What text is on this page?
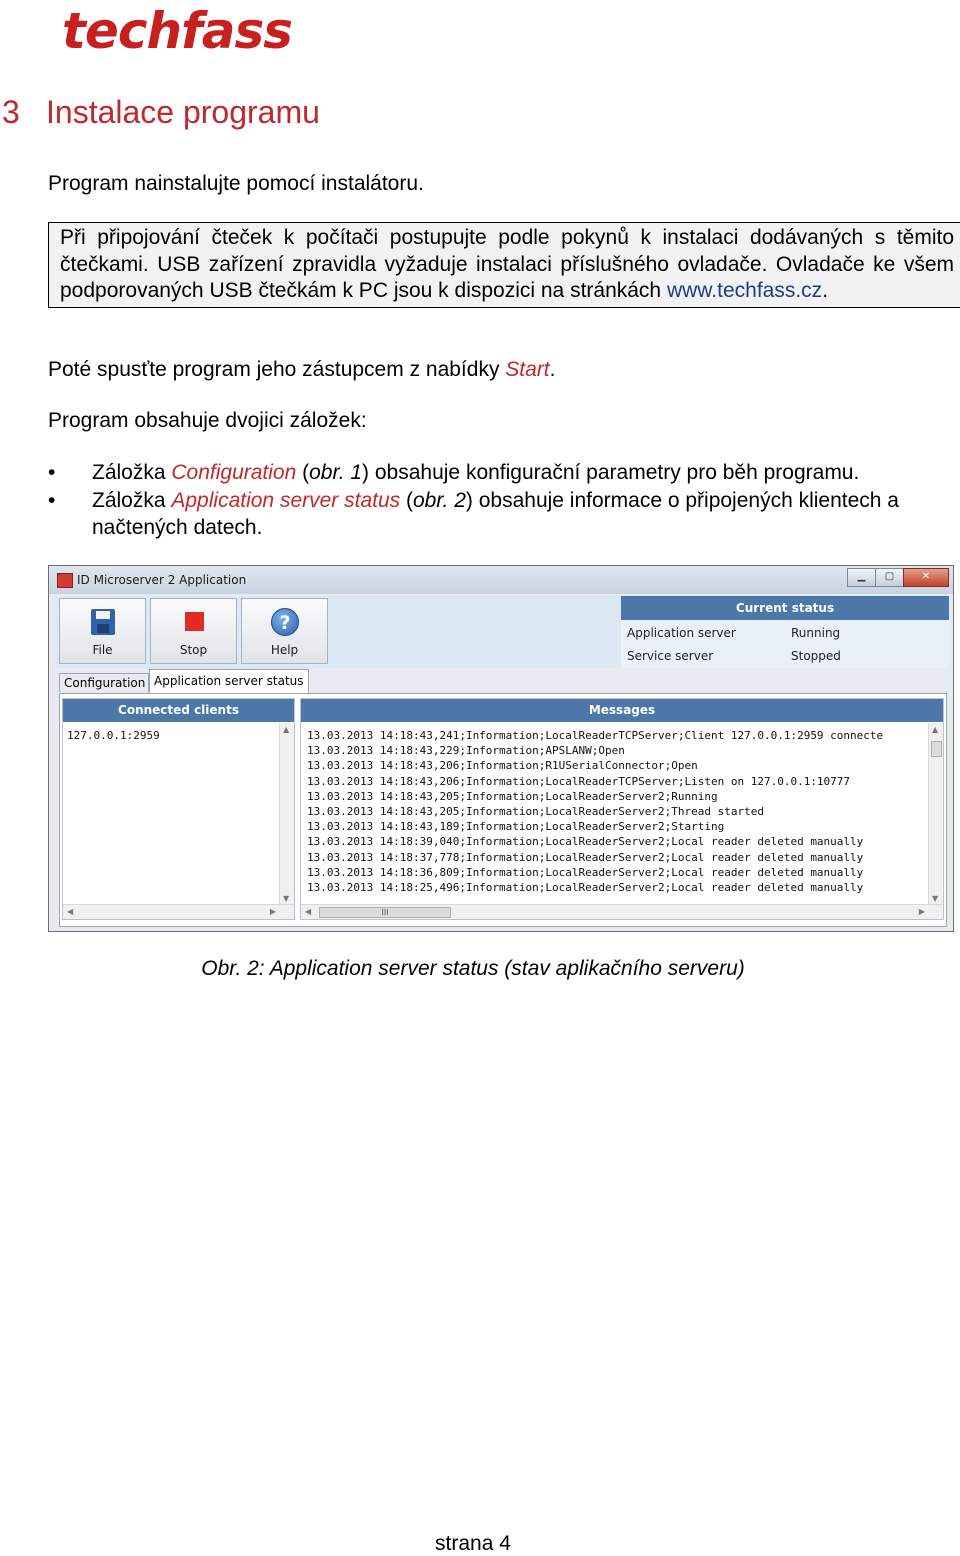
techfass
3 Instalace programu
Program nainstalujte pomocí instalátoru.
Při připojování čteček k počítači postupujte podle pokynů k instalaci dodávaných s těmito čtečkami. USB zařízení zpravidla vyžaduje instalaci příslušného ovladače. Ovladače ke všem podporovaných USB čtečkám k PC jsou k dispozici na stránkách www.techfass.cz.
Poté spusťte program jeho zástupcem z nabídky Start.
Program obsahuje dvojici záložek:
• Záložka Configuration (obr. 1) obsahuje konfigurační parametry pro běh programu.
• Záložka Application server status (obr. 2) obsahuje informace o připojených klientech a načtených datech.
ID Microserver 2 Application	▁	▢	✕
File	Stop
?
Help
Current status
Application server	Running
Service server	Stopped
Configuration Application server status
Connected clients
127.0.0.1:2959	▲
▼
◀	▶
Messages
13.03.2013 14:18:43,241;Information;LocalReaderTCPServer;Client 127.0.0.1:2959 connecte
13.03.2013 14:18:43,229;Information;APSLANW;Open
13.03.2013 14:18:43,206;Information;R1USerialConnector;Open
13.03.2013 14:18:43,206;Information;LocalReaderTCPServer;Listen on 127.0.0.1:10777
13.03.2013 14:18:43,205;Information;LocalReaderServer2;Running
13.03.2013 14:18:43,205;Information;LocalReaderServer2;Thread started
13.03.2013 14:18:43,189;Information;LocalReaderServer2;Starting
13.03.2013 14:18:39,040;Information;LocalReaderServer2;Local reader deleted manually
13.03.2013 14:18:37,778;Information;LocalReaderServer2;Local reader deleted manually
13.03.2013 14:18:36,809;Information;LocalReaderServer2;Local reader deleted manually
13.03.2013 14:18:25,496;Information;LocalReaderServer2;Local reader deleted manually
▲
▼
◀	III	▶
Obr. 2: Application server status (stav aplikačního serveru)
strana 4
